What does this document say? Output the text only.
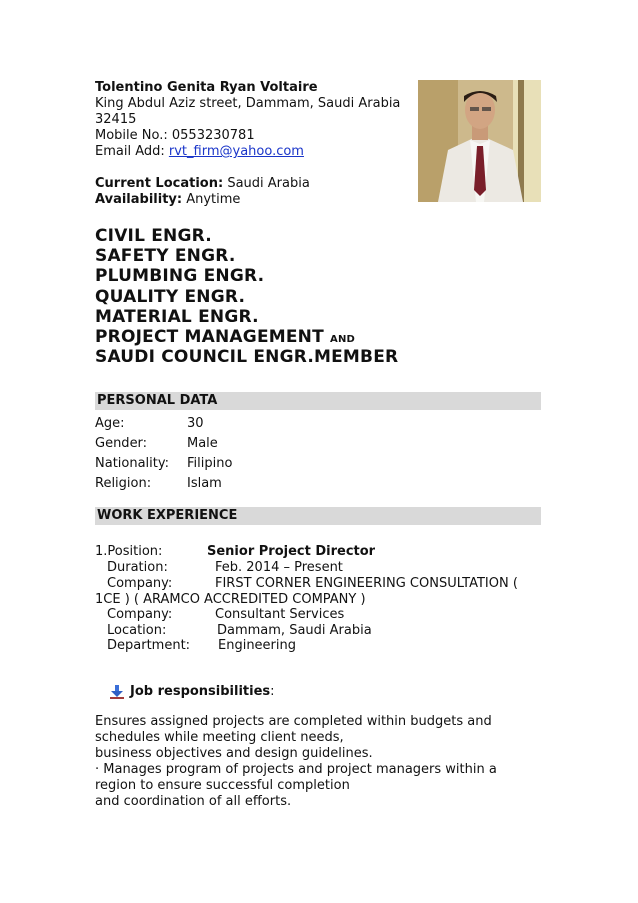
Tolentino Genita Ryan Voltaire
King Abdul Aziz street, Dammam, Saudi Arabia
32415
Mobile No.: 0553230781
Email Add: rvt_firm@yahoo.com
Current Location: Saudi Arabia
Availability: Anytime
CIVIL ENGR.
SAFETY ENGR.
PLUMBING ENGR.
QUALITY ENGR.
MATERIAL ENGR.
PROJECT MANAGEMENT AND
SAUDI COUNCIL ENGR.MEMBER
PERSONAL DATA
Age:	30
Gender:	Male
Nationality: Filipino
Religion:	Islam
WORK EXPERIENCE
1.Position:	Senior Project Director
Duration:	Feb. 2014 – Present
Company:	FIRST CORNER ENGINEERING CONSULTATION (
1CE ) ( ARAMCO ACCREDITED COMPANY )
Company:	Consultant Services
Location:	Dammam, Saudi Arabia
Department: Engineering
Job responsibilities:
Ensures assigned projects are completed within budgets and
schedules while meeting client needs,
business objectives and design guidelines.
· Manages program of projects and project managers within a
region to ensure successful completion
and coordination of all efforts.
